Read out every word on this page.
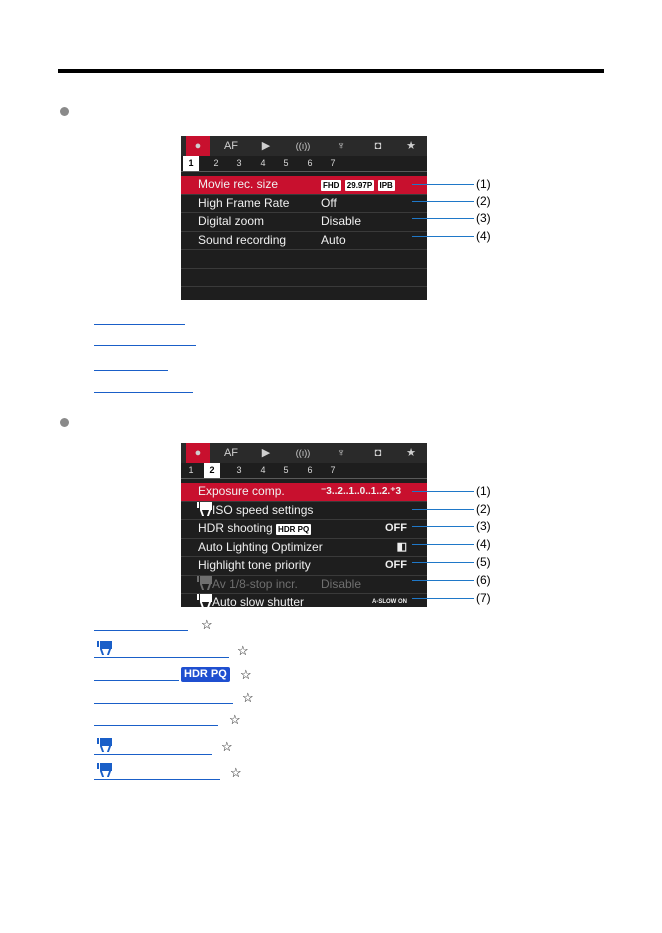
●	AF	▶	((ı))	♆	◘	★
1	2	3	4	5	6	7
Movie rec. size	FHD 29.97P IPB
High Frame Rate	Off
Digital zoom	Disable
Sound recording	Auto
(1)
(2)
(3)
(4)
●	AF	▶	((ı))	♆	◘	★
1	2	3	4	5	6	7
Exposure comp.	⁻3..2..1..0..1..2.⁺3
ISO speed settings
HDR shooting HDR PQ	OFF
Auto Lighting Optimizer	◧
Highlight tone priority	OFF
Av 1/8-stop incr. Disable
Auto slow shutter	A-SLOW ON
(1)
(2)
(3)
(4)
(5)
(6)
(7)
☆
☆
HDR PQ ☆
☆
☆
☆
☆
